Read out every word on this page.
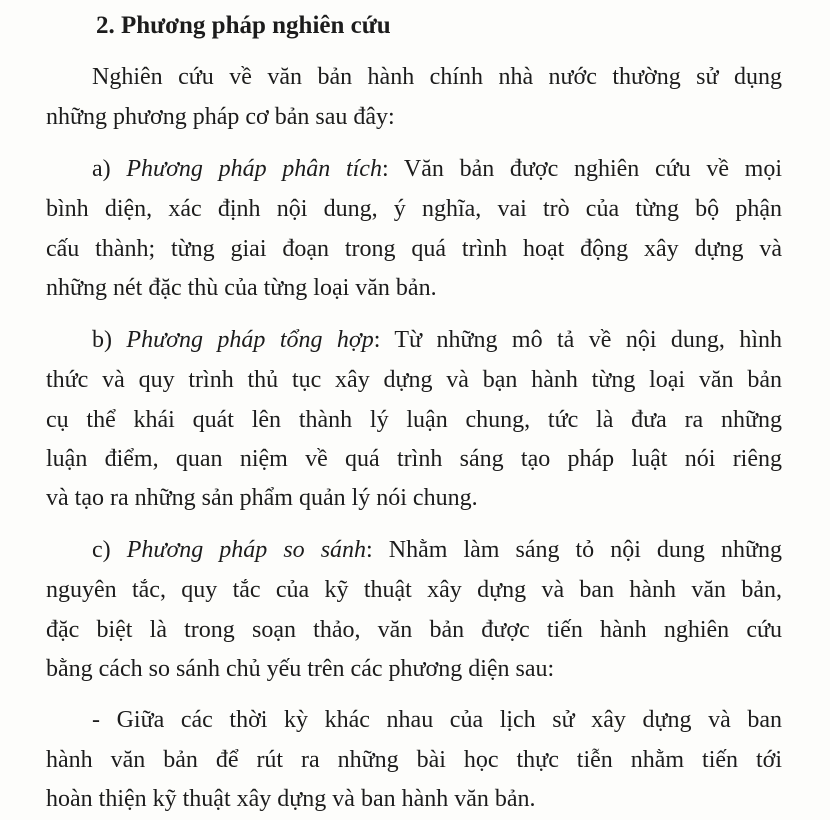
2. Phương pháp nghiên cứu
Nghiên cứu về văn bản hành chính nhà nước thường sử dụng
những phương pháp cơ bản sau đây:
a) Phương pháp phân tích: Văn bản được nghiên cứu về mọi
bình diện, xác định nội dung, ý nghĩa, vai trò của từng bộ phận
cấu thành; từng giai đoạn trong quá trình hoạt động xây dựng và
những nét đặc thù của từng loại văn bản.
b) Phương pháp tổng hợp: Từ những mô tả về nội dung, hình
thức và quy trình thủ tục xây dựng và bạn hành từng loại văn bản
cụ thể khái quát lên thành lý luận chung, tức là đưa ra những
luận điểm, quan niệm về quá trình sáng tạo pháp luật nói riêng
và tạo ra những sản phẩm quản lý nói chung.
c) Phương pháp so sánh: Nhằm làm sáng tỏ nội dung những
nguyên tắc, quy tắc của kỹ thuật xây dựng và ban hành văn bản,
đặc biệt là trong soạn thảo, văn bản được tiến hành nghiên cứu
bằng cách so sánh chủ yếu trên các phương diện sau:
- Giữa các thời kỳ khác nhau của lịch sử xây dựng và ban
hành văn bản để rút ra những bài học thực tiễn nhằm tiến tới
hoàn thiện kỹ thuật xây dựng và ban hành văn bản.
